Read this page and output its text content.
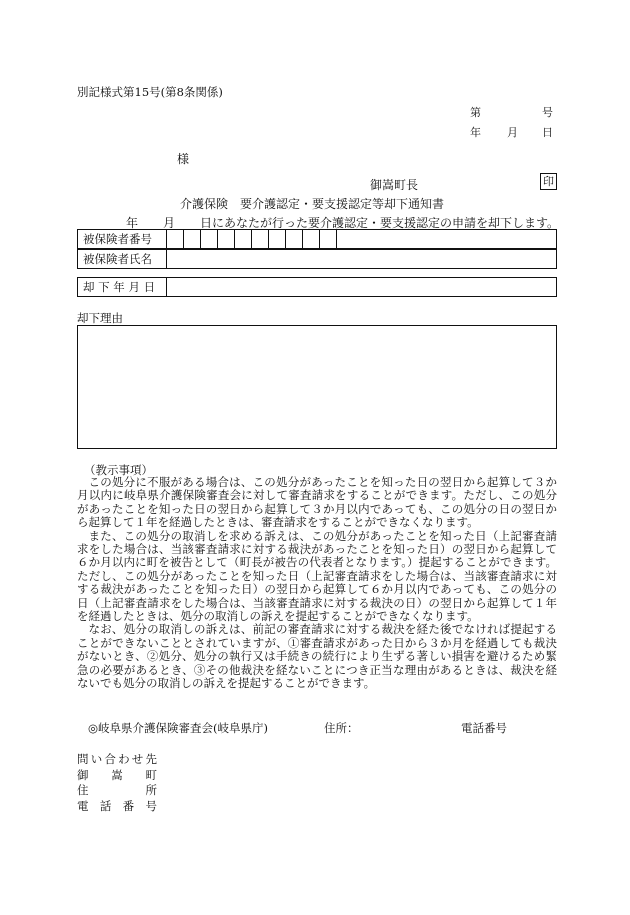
別記様式第15号(第8条関係)
第	号
年 月 日
様
御嵩町長	印
介護保険　要介護認定・要支援認定等却下通知書
年 月 日にあなたが行った要介護認定・要支援認定の申請を却下します。
被保険者番号
被保険者氏名
却 下 年 月 日
却下理由
（教示事項）

この処分に不服がある場合は、この処分があったことを知った日の翌日から起算して３か月以内に岐阜県介護保険審査会に対して審査請求をすることができます。ただし、この処分があったことを知った日の翌日から起算して３か月以内であっても、この処分の日の翌日から起算して１年を経過したときは、審査請求をすることができなくなります。

また、この処分の取消しを求める訴えは、この処分があったことを知った日（上記審査請求をした場合は、当該審査請求に対する裁決があったことを知った日）の翌日から起算して６か月以内に町を被告として（町長が被告の代表者となります。）提起することができます。ただし、この処分があったことを知った日（上記審査請求をした場合は、当該審査請求に対する裁決があったことを知った日）の翌日から起算して６か月以内であっても、この処分の日（上記審査請求をした場合は、当該審査請求に対する裁決の日）の翌日から起算して１年を経過したときは、処分の取消しの訴えを提起することができなくなります。

なお、処分の取消しの訴えは、前記の審査請求に対する裁決を経た後でなければ提起することができないこととされていますが、①審査請求があった日から３か月を経過しても裁決がないとき、②処分、処分の執行又は手続きの続行により生ずる著しい損害を避けるため緊急の必要があるとき、③その他裁決を経ないことにつき正当な理由があるときは、裁決を経ないでも処分の取消しの訴えを提起することができます。

◎岐阜県介護保険審査会(岐阜県庁)	住所：	電話番号
問い合わせ先
御嵩町
住所
電話番号
